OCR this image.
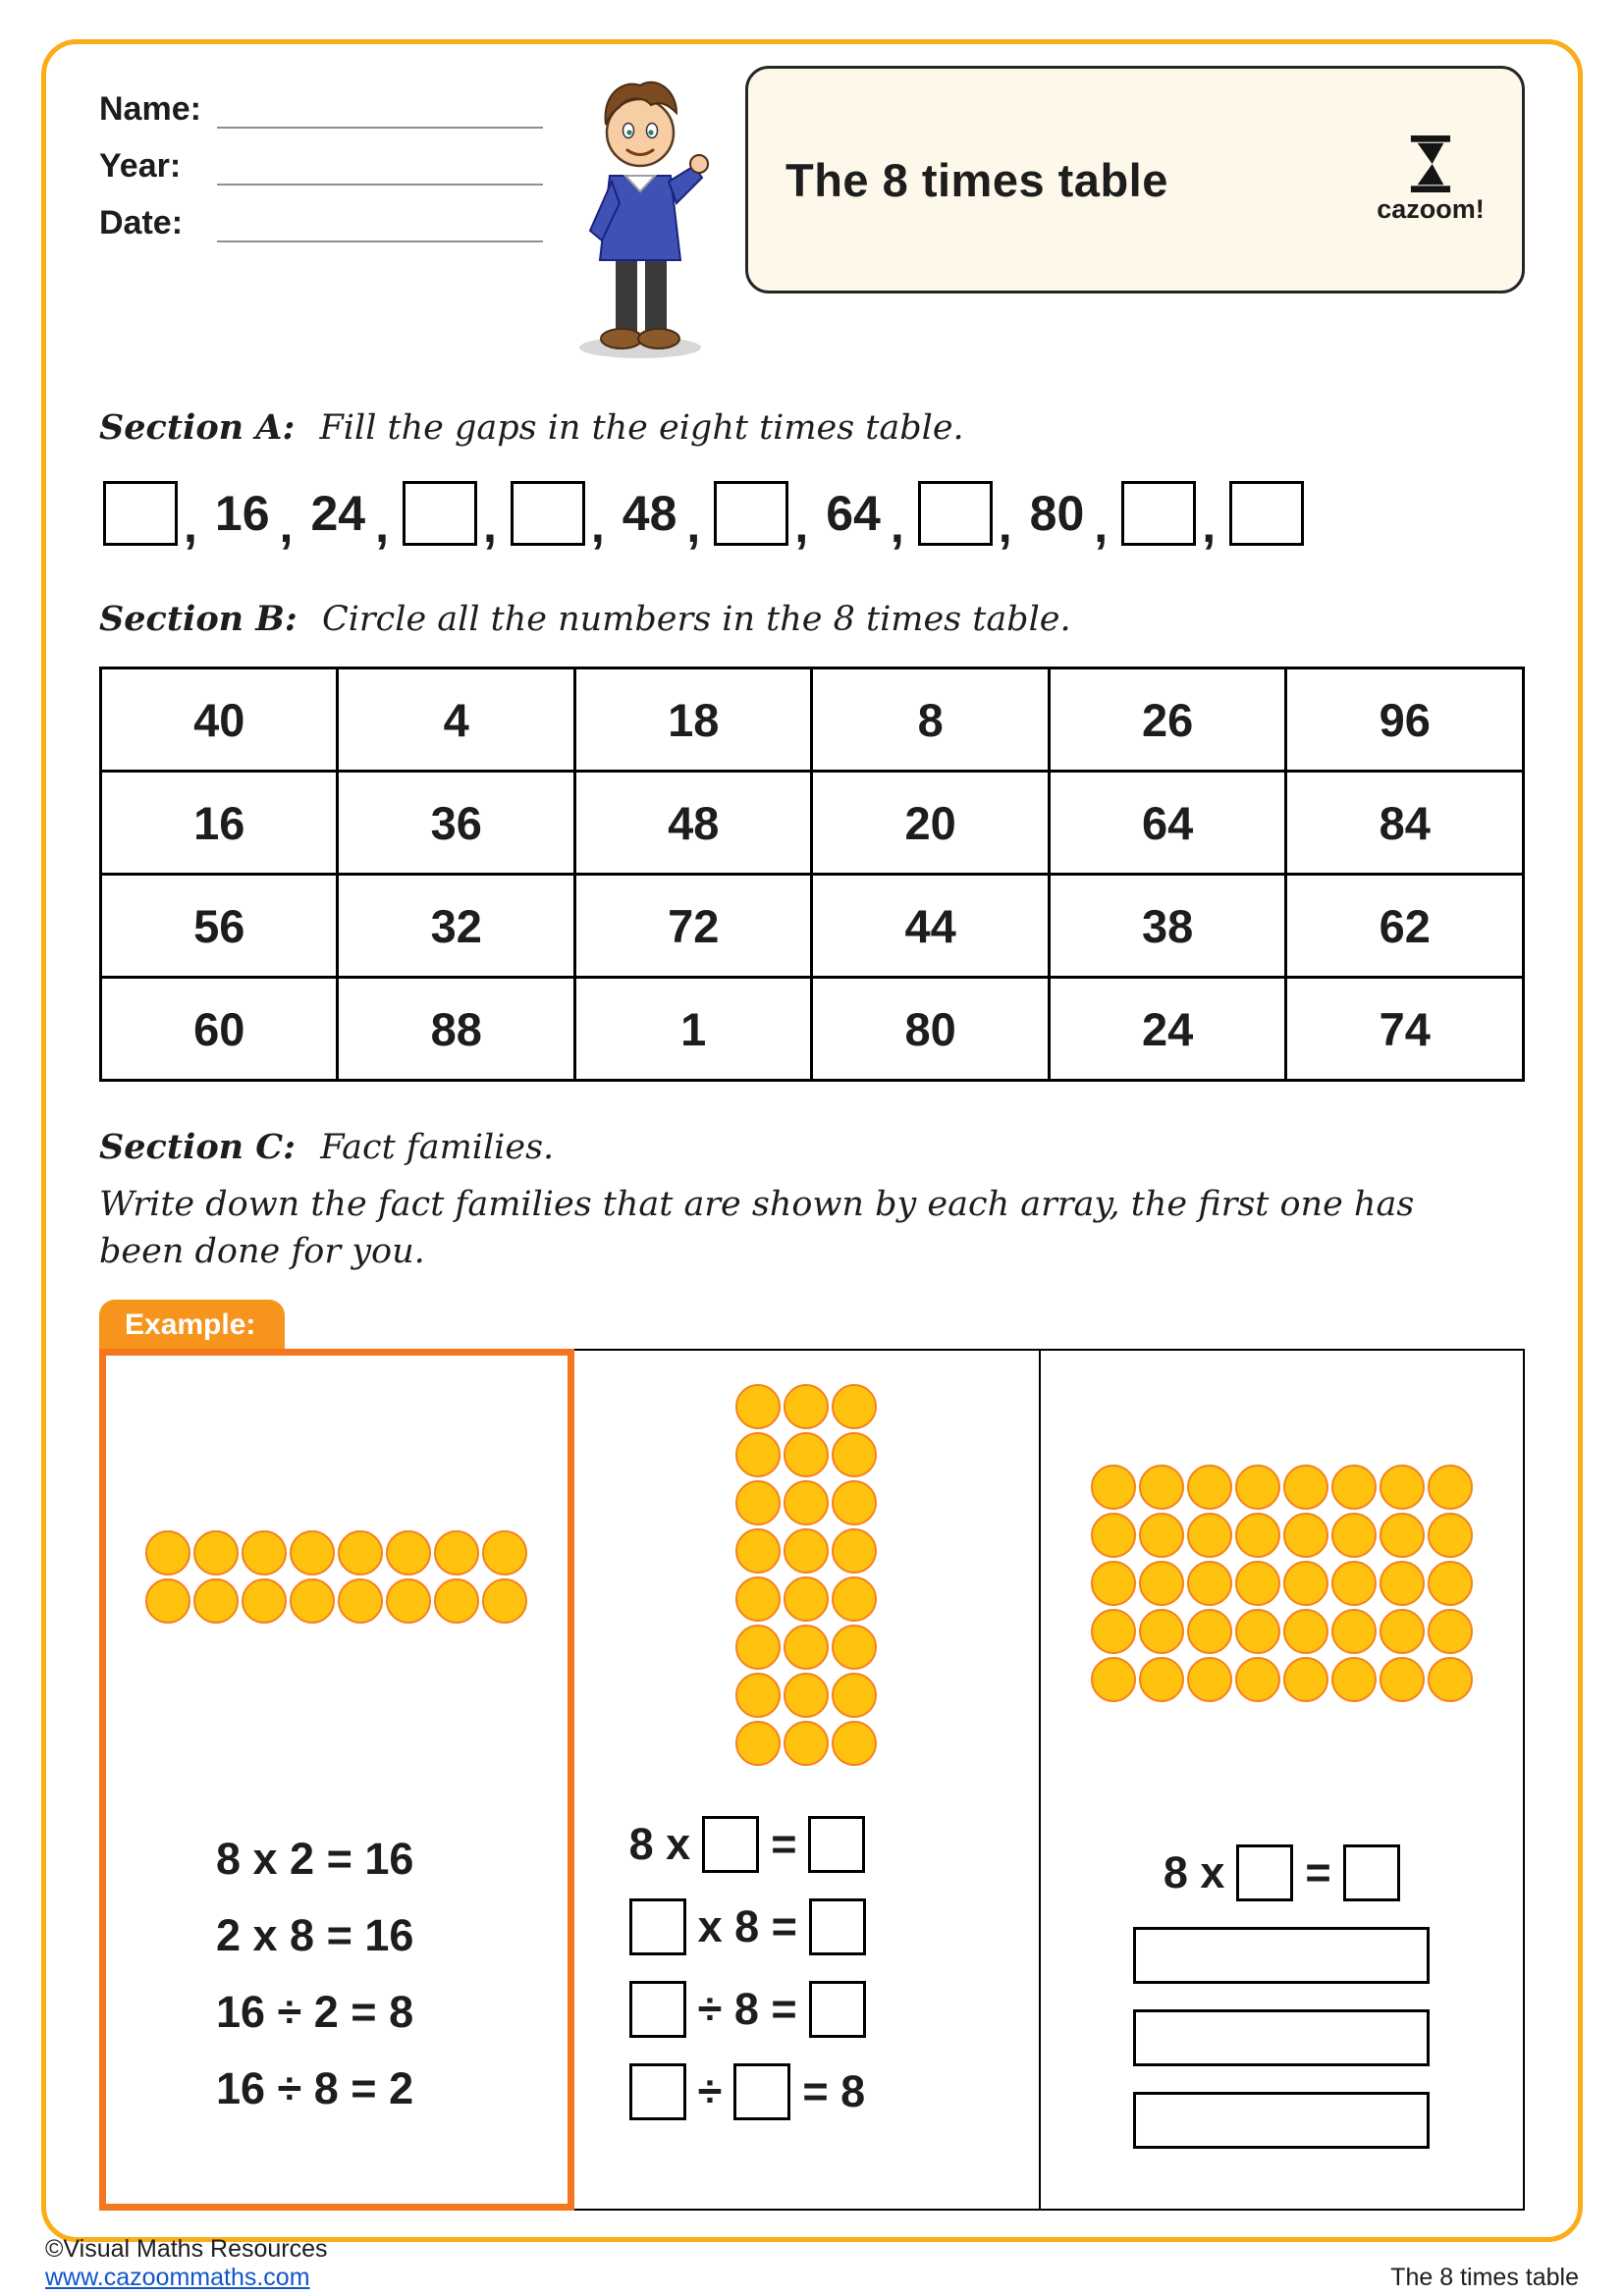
Name:
Year:
Date:
The 8 times table
cazoom!
Section A: Fill the gaps in the eight times table.
, 16 , 24 , , , 48 , , 64 , , 80 , ,
Section B: Circle all the numbers in the 8 times table.
40	4	18	8	26	96
16	36	48	20	64	84
56	32	72	44	38	62
60	88	1	80	24	74
Section C: Fact families.
Write down the fact families that are shown by each array, the first one has been done for you.
Example:
8 x 2 = 16
2 x 8 = 16
16 ÷ 2 = 8
16 ÷ 8 = 2
8 x =
x 8 =
÷ 8 =
÷ = 8
8 x =
©Visual Maths Resources
www.cazoommaths.com	The 8 times table
